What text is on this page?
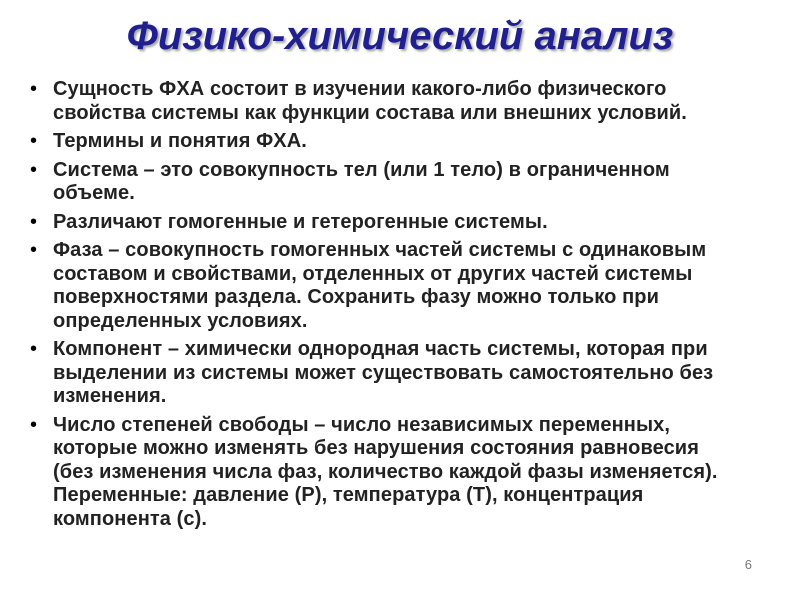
Физико-химический анализ
• Сущность ФХА состоит в изучении какого-либо физического
свойства системы как функции состава или внешних условий.
• Термины и понятия ФХА.
• Система – это совокупность тел (или 1 тело) в ограниченном
объеме.
• Различают гомогенные и гетерогенные системы.
• Фаза – совокупность гомогенных частей системы с одинаковым
составом и свойствами, отделенных от других частей системы
поверхностями раздела. Сохранить фазу можно только при
определенных условиях.
• Компонент – химически однородная часть системы, которая при
выделении из системы может существовать самостоятельно без
изменения.
• Число степеней свободы – число независимых переменных,
которые можно изменять без нарушения состояния равновесия
(без изменения числа фаз, количество каждой фазы изменяется).
Переменные: давление (Р), температура (Т), концентрация
компонента (с).
6
